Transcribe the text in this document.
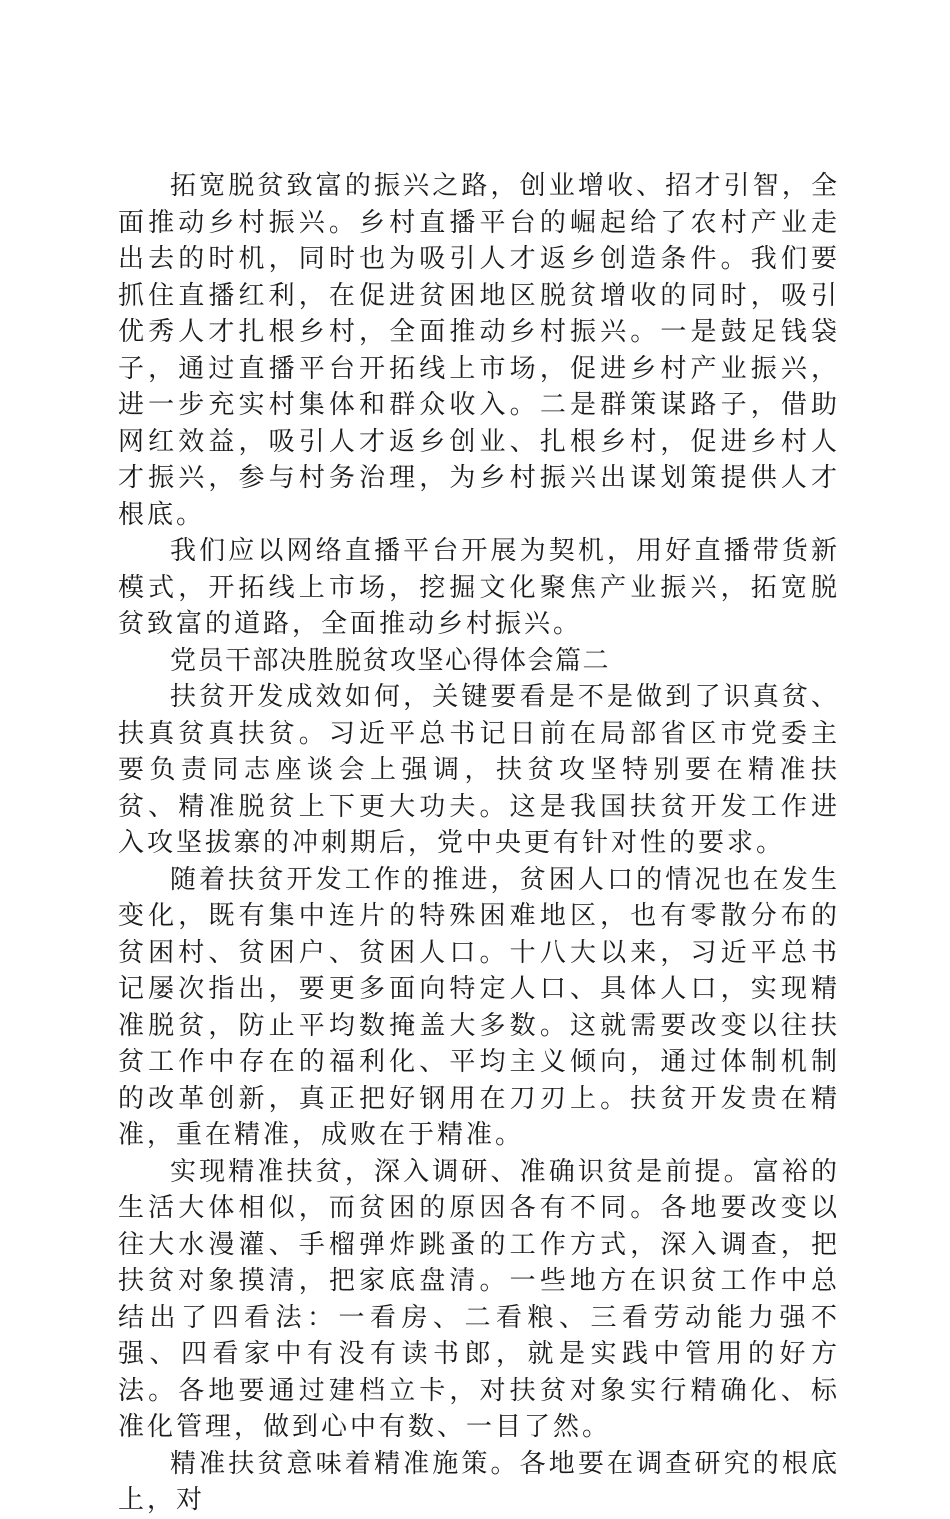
拓宽脱贫致富的振兴之路，创业增收、招才引智，全面推动乡村振兴。乡村直播平台的崛起给了农村产业走出去的时机，同时也为吸引人才返乡创造条件。我们要抓住直播红利，在促进贫困地区脱贫增收的同时，吸引优秀人才扎根乡村，全面推动乡村振兴。一是鼓足钱袋子，通过直播平台开拓线上市场，促进乡村产业振兴，进一步充实村集体和群众收入。二是群策谋路子，借助网红效益，吸引人才返乡创业、扎根乡村，促进乡村人才振兴，参与村务治理，为乡村振兴出谋划策提供人才根底。

我们应以网络直播平台开展为契机，用好直播带货新模式，开拓线上市场，挖掘文化聚焦产业振兴，拓宽脱贫致富的道路，全面推动乡村振兴。

党员干部决胜脱贫攻坚心得体会篇二

扶贫开发成效如何，关键要看是不是做到了识真贫、扶真贫真扶贫。习近平总书记日前在局部省区市党委主要负责同志座谈会上强调，扶贫攻坚特别要在精准扶贫、精准脱贫上下更大功夫。这是我国扶贫开发工作进入攻坚拔寨的冲刺期后，党中央更有针对性的要求。

随着扶贫开发工作的推进，贫困人口的情况也在发生变化，既有集中连片的特殊困难地区，也有零散分布的贫困村、贫困户、贫困人口。十八大以来，习近平总书记屡次指出，要更多面向特定人口、具体人口，实现精准脱贫，防止平均数掩盖大多数。这就需要改变以往扶贫工作中存在的福利化、平均主义倾向，通过体制机制的改革创新，真正把好钢用在刀刃上。扶贫开发贵在精准，重在精准，成败在于精准。

实现精准扶贫，深入调研、准确识贫是前提。富裕的生活大体相似，而贫困的原因各有不同。各地要改变以往大水漫灌、手榴弹炸跳蚤的工作方式，深入调查，把扶贫对象摸清，把家底盘清。一些地方在识贫工作中总结出了四看法：一看房、二看粮、三看劳动能力强不强、四看家中有没有读书郎，就是实践中管用的好方法。各地要通过建档立卡，对扶贫对象实行精确化、标准化管理，做到心中有数、一目了然。

精准扶贫意味着精准施策。各地要在调查研究的根底上，对
